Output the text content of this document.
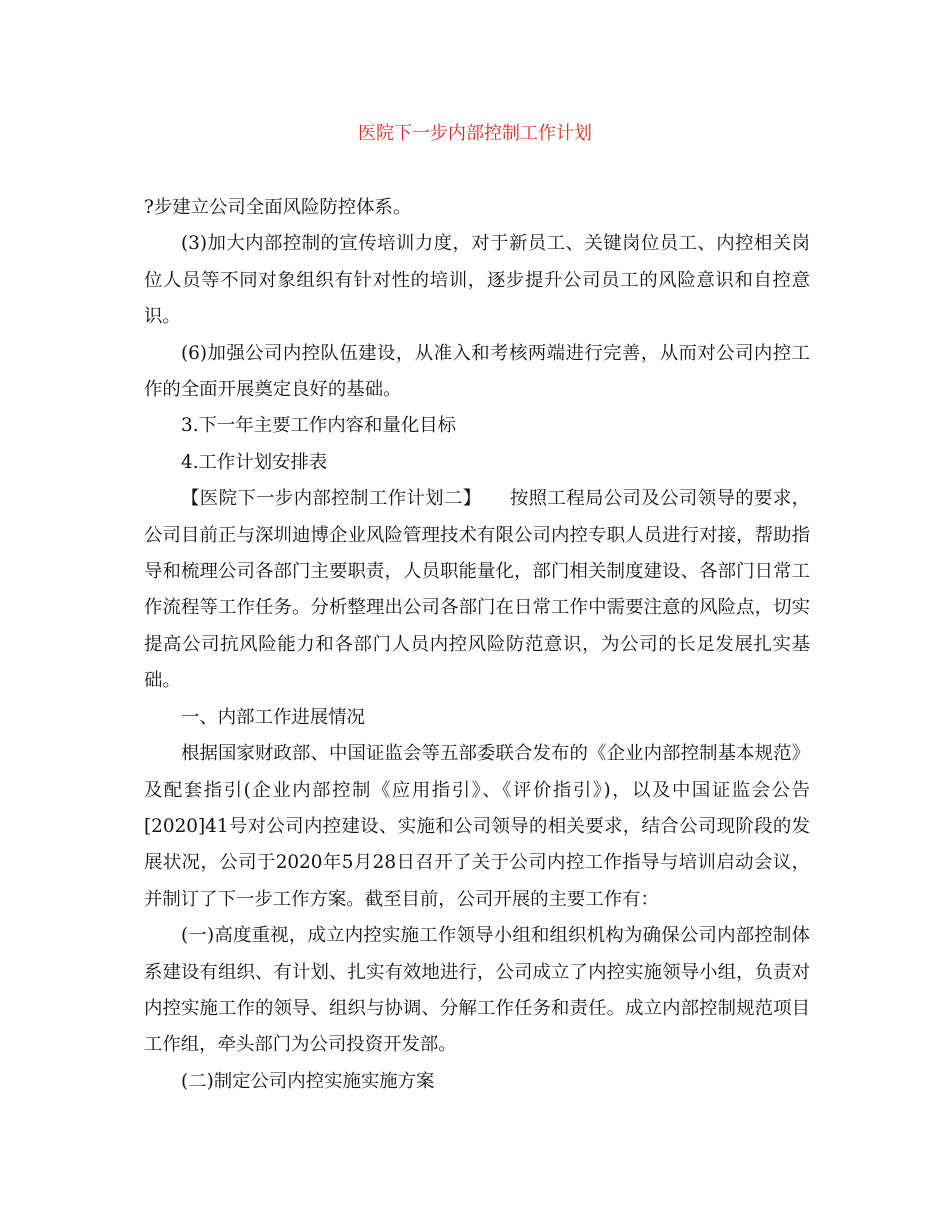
医院下一步内部控制工作计划

?步建立公司全面风险防控体系。

(3)加大内部控制的宣传培训力度，对于新员工、关键岗位员工、内控相关岗位人员等不同对象组织有针对性的培训，逐步提升公司员工的风险意识和自控意识。

(6)加强公司内控队伍建设，从准入和考核两端进行完善，从而对公司内控工作的全面开展奠定良好的基础。

3.下一年主要工作内容和量化目标

4.工作计划安排表

【医院下一步内部控制工作计划二】　　按照工程局公司及公司领导的要求，公司目前正与深圳迪博企业风险管理技术有限公司内控专职人员进行对接，帮助指导和梳理公司各部门主要职责，人员职能量化，部门相关制度建设、各部门日常工作流程等工作任务。分析整理出公司各部门在日常工作中需要注意的风险点，切实提高公司抗风险能力和各部门人员内控风险防范意识，为公司的长足发展扎实基础。

一、内部工作进展情况

根据国家财政部、中国证监会等五部委联合发布的《企业内部控制基本规范》及配套指引(企业内部控制《应用指引》、《评价指引》)，以及中国证监会公告[2020]41号对公司内控建设、实施和公司领导的相关要求，结合公司现阶段的发展状况，公司于2020年5月28日召开了关于公司内控工作指导与培训启动会议，并制订了下一步工作方案。截至目前，公司开展的主要工作有：

(一)高度重视，成立内控实施工作领导小组和组织机构为确保公司内部控制体系建设有组织、有计划、扎实有效地进行，公司成立了内控实施领导小组，负责对内控实施工作的领导、组织与协调、分解工作任务和责任。成立内部控制规范项目工作组，牵头部门为公司投资开发部。

(二)制定公司内控实施实施方案
